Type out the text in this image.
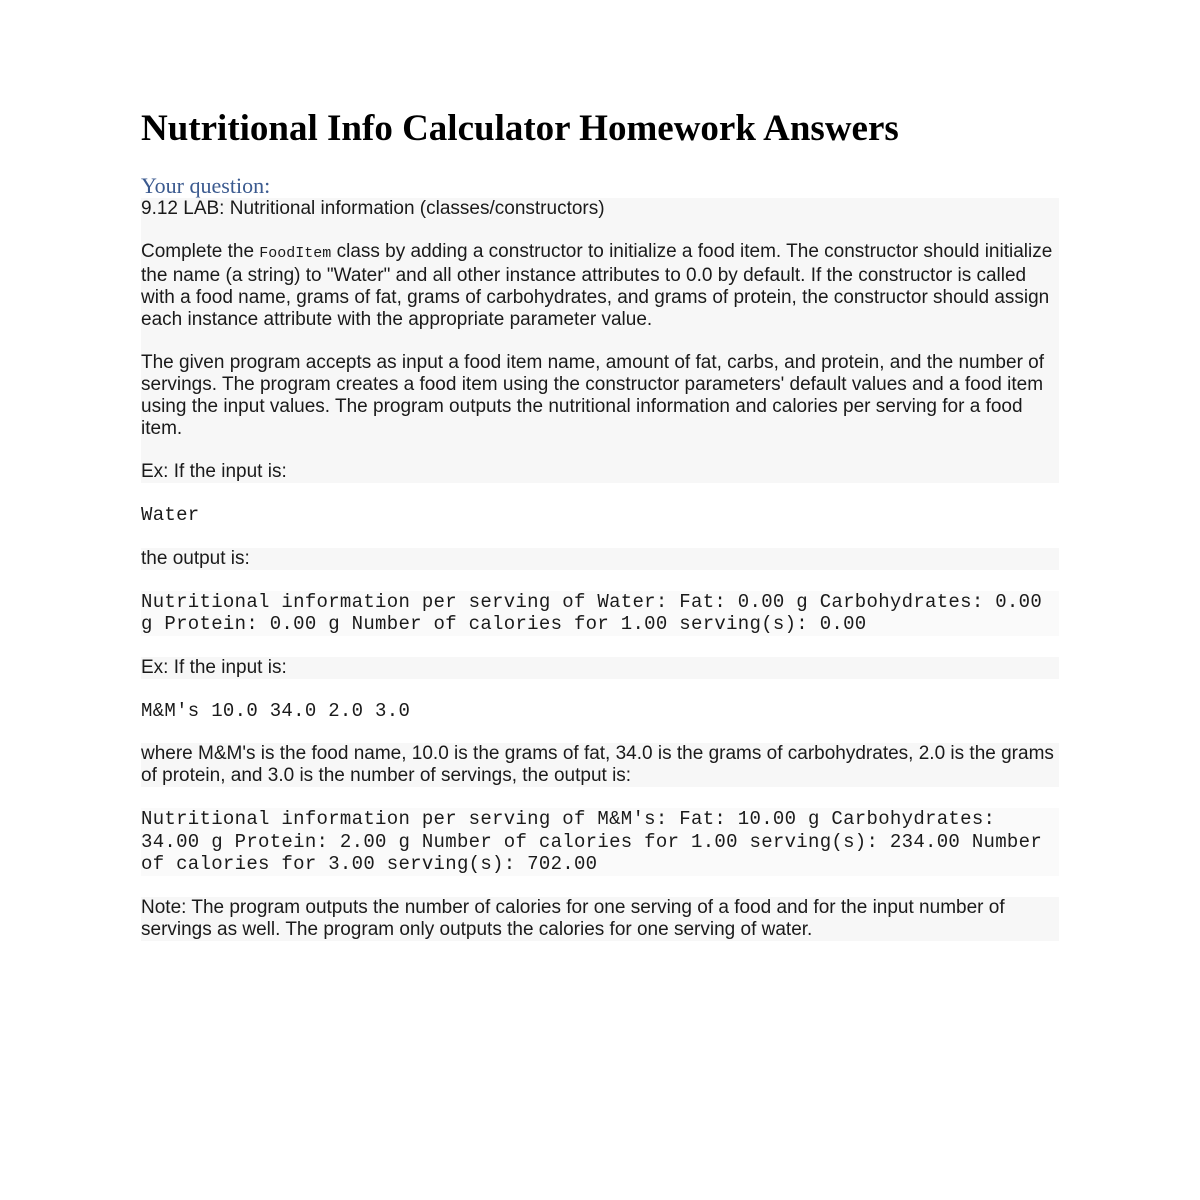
Nutritional Info Calculator Homework Answers
Your question:
9.12 LAB: Nutritional information (classes/constructors)
Complete the FoodItem class by adding a constructor to initialize a food item. The constructor should initialize the name (a string) to "Water" and all other instance attributes to 0.0 by default. If the constructor is called with a food name, grams of fat, grams of carbohydrates, and grams of protein, the constructor should assign each instance attribute with the appropriate parameter value.
The given program accepts as input a food item name, amount of fat, carbs, and protein, and the number of servings. The program creates a food item using the constructor parameters' default values and a food item using the input values. The program outputs the nutritional information and calories per serving for a food item.
Ex: If the input is:
Water
the output is:
Nutritional information per serving of Water: Fat: 0.00 g Carbohydrates: 0.00 g Protein: 0.00 g Number of calories for 1.00 serving(s): 0.00
Ex: If the input is:
M&M's 10.0 34.0 2.0 3.0
where M&M's is the food name, 10.0 is the grams of fat, 34.0 is the grams of carbohydrates, 2.0 is the grams of protein, and 3.0 is the number of servings, the output is:
Nutritional information per serving of M&M's: Fat: 10.00 g Carbohydrates: 34.00 g Protein: 2.00 g Number of calories for 1.00 serving(s): 234.00 Number of calories for 3.00 serving(s): 702.00
Note: The program outputs the number of calories for one serving of a food and for the input number of servings as well. The program only outputs the calories for one serving of water.
